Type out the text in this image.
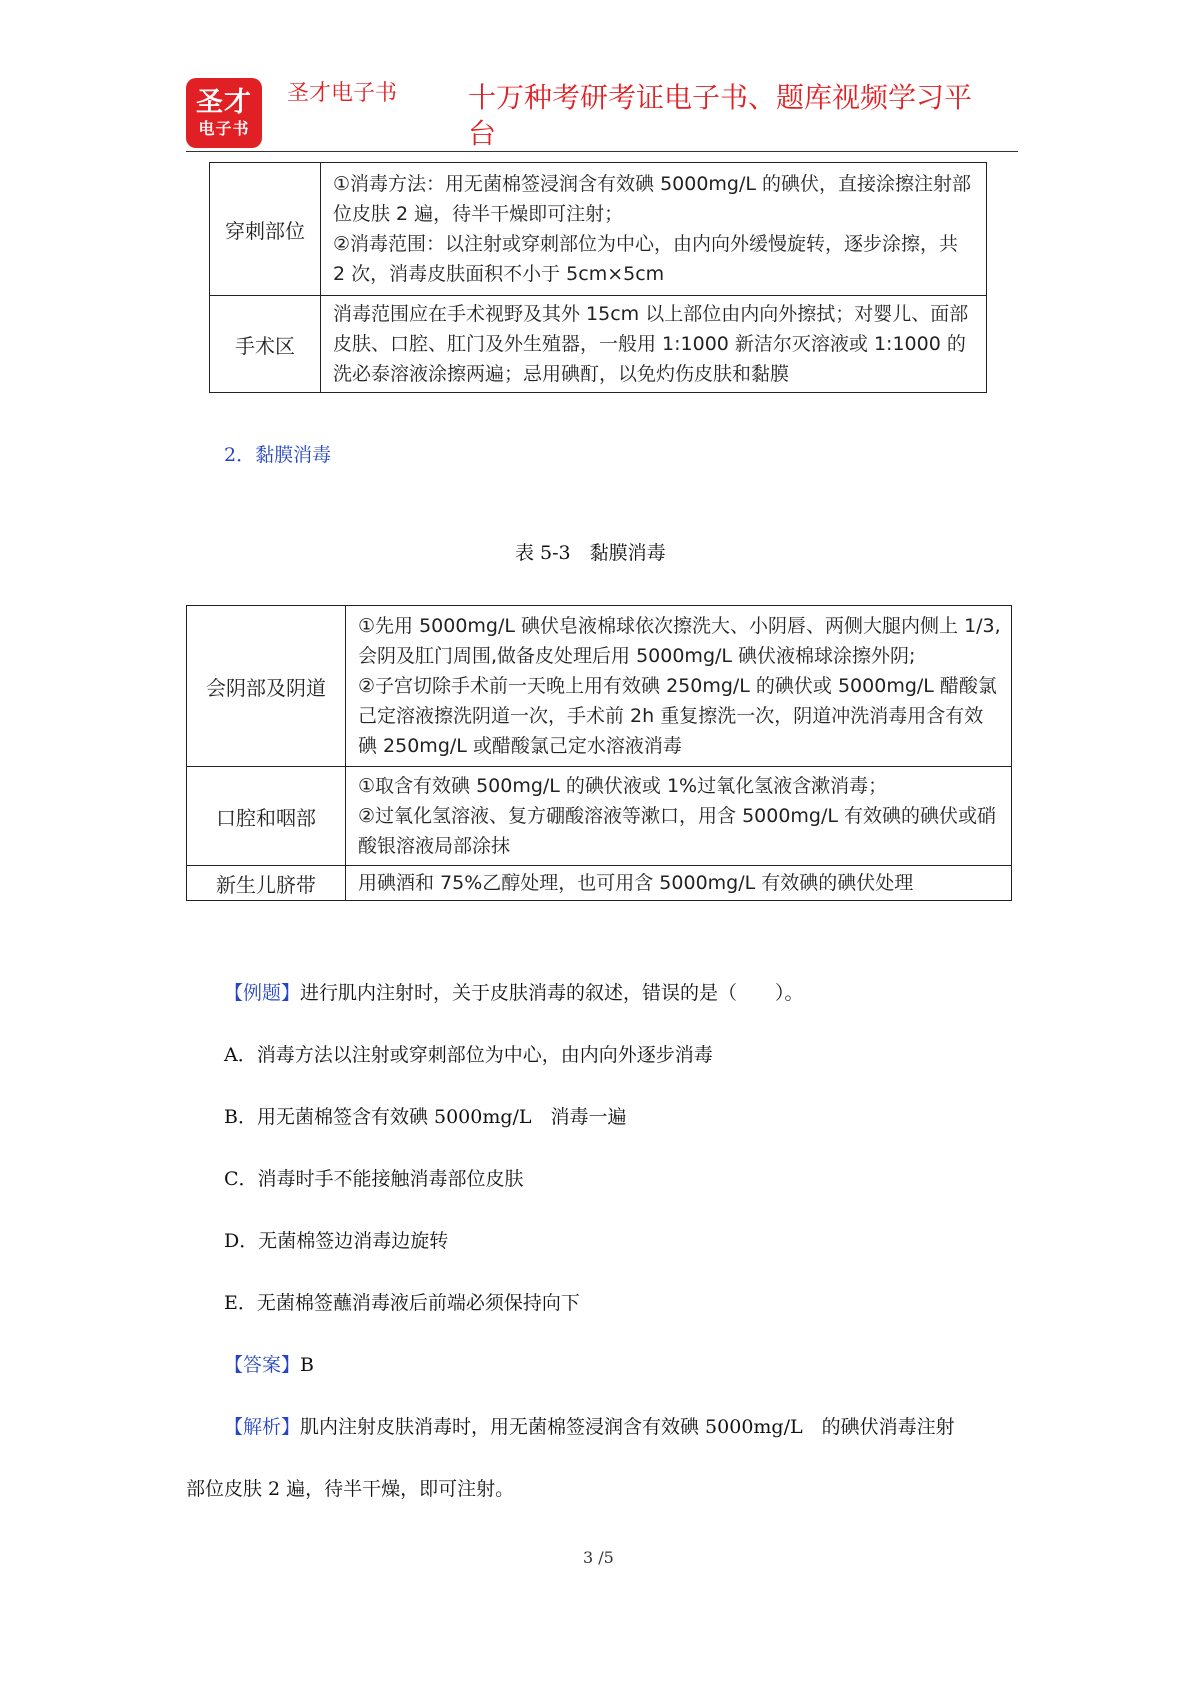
圣才
电子书
圣才电子书	十万种考研考证电子书、题库视频学习平台
穿刺部位	①消毒方法：用无菌棉签浸润含有效碘 5000mg/L 的碘伏，直接涂擦注射部位皮肤 2 遍，待半干燥即可注射；
②消毒范围：以注射或穿刺部位为中心，由内向外缓慢旋转，逐步涂擦，共 2 次，消毒皮肤面积不小于 5cm×5cm

手术区	消毒范围应在手术视野及其外 15cm 以上部位由内向外擦拭；对婴儿、面部皮肤、口腔、肛门及外生殖器，一般用 1:1000 新洁尔灭溶液或 1:1000 的洗必泰溶液涂擦两遍；忌用碘酊，以免灼伤皮肤和黏膜
2．黏膜消毒
表 5-3　黏膜消毒
会阴部及阴道	①先用 5000mg/L 碘伏皂液棉球依次擦洗大、小阴唇、两侧大腿内侧上 1/3,会阴及肛门周围,做备皮处理后用 5000mg/L 碘伏液棉球涂擦外阴;
②子宫切除手术前一天晚上用有效碘 250mg/L 的碘伏或 5000mg/L 醋酸氯己定溶液擦洗阴道一次，手术前 2h 重复擦洗一次，阴道冲洗消毒用含有效碘 250mg/L 或醋酸氯己定水溶液消毒

口腔和咽部	①取含有效碘 500mg/L 的碘伏液或 1%过氧化氢液含漱消毒；
②过氧化氢溶液、复方硼酸溶液等漱口，用含 5000mg/L 有效碘的碘伏或硝酸银溶液局部涂抹

新生儿脐带	用碘酒和 75%乙醇处理，也可用含 5000mg/L 有效碘的碘伏处理
【例题】进行肌内注射时，关于皮肤消毒的叙述，错误的是（　　）。
A．消毒方法以注射或穿刺部位为中心，由内向外逐步消毒
B．用无菌棉签含有效碘 5000mg/L　消毒一遍
C．消毒时手不能接触消毒部位皮肤
D．无菌棉签边消毒边旋转
E．无菌棉签蘸消毒液后前端必须保持向下
【答案】B
【解析】肌内注射皮肤消毒时，用无菌棉签浸润含有效碘 5000mg/L　的碘伏消毒注射
部位皮肤 2 遍，待半干燥，即可注射。
3 /5
